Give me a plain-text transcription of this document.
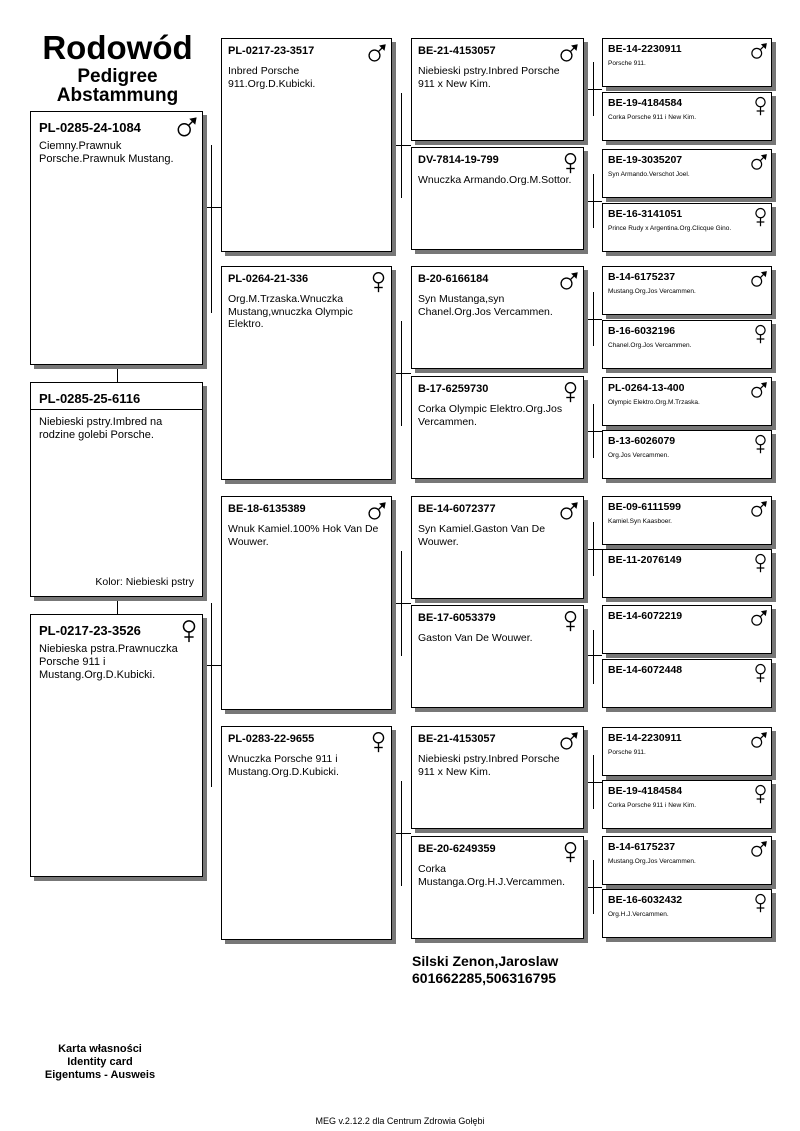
Rodowód
Pedigree
Abstammung
PL-0285-24-1084
Ciemny.Prawnuk Porsche.Prawnuk Mustang.
PL-0285-25-6116
Niebieski pstry.Imbred na rodzine golebi Porsche.
Kolor: Niebieski pstry
PL-0217-23-3526
Niebieska pstra.Prawnuczka Porsche 911 i Mustang.Org.D.Kubicki.
PL-0217-23-3517
Inbred Porsche 911.Org.D.Kubicki.
PL-0264-21-336
Org.M.Trzaska.Wnuczka Mustang,wnuczka Olympic Elektro.
BE-18-6135389
Wnuk Kamiel.100% Hok Van De Wouwer.
PL-0283-22-9655
Wnuczka Porsche 911 i Mustang.Org.D.Kubicki.
BE-21-4153057
Niebieski pstry.Inbred Porsche 911 x New Kim.
DV-7814-19-799
Wnuczka Armando.Org.M.Sottor.
B-20-6166184
Syn Mustanga,syn Chanel.Org.Jos Vercammen.
B-17-6259730
Corka Olympic Elektro.Org.Jos Vercammen.
BE-14-6072377
Syn Kamiel.Gaston Van De Wouwer.
BE-17-6053379
Gaston Van De Wouwer.
BE-21-4153057
Niebieski pstry.Inbred Porsche 911 x New Kim.
BE-20-6249359
Corka Mustanga.Org.H.J.Vercammen.
BE-14-2230911
Porsche 911.
BE-19-4184584
Corka Porsche 911 i New Kim.
BE-19-3035207
Syn Armando.Verschot Joel.
BE-16-3141051
Prince Rudy x Argentina.Org.Clicque Gino.
B-14-6175237
Mustang.Org.Jos Vercammen.
B-16-6032196
Chanel.Org.Jos Vercammen.
PL-0264-13-400
Olympic Elektro.Org.M.Trzaska.
B-13-6026079
Org.Jos Vercammen.
BE-09-6111599
Kamiel.Syn Kaasboer.
BE-11-2076149
BE-14-6072219
BE-14-6072448
BE-14-2230911
Porsche 911.
BE-19-4184584
Corka Porsche 911 i New Kim.
B-14-6175237
Mustang.Org.Jos Vercammen.
BE-16-6032432
Org.H.J.Vercammen.
Silski Zenon,Jaroslaw
601662285,506316795
Karta własności
Identity card
Eigentums - Ausweis
MEG v.2.12.2 dla Centrum Zdrowia Gołębi
